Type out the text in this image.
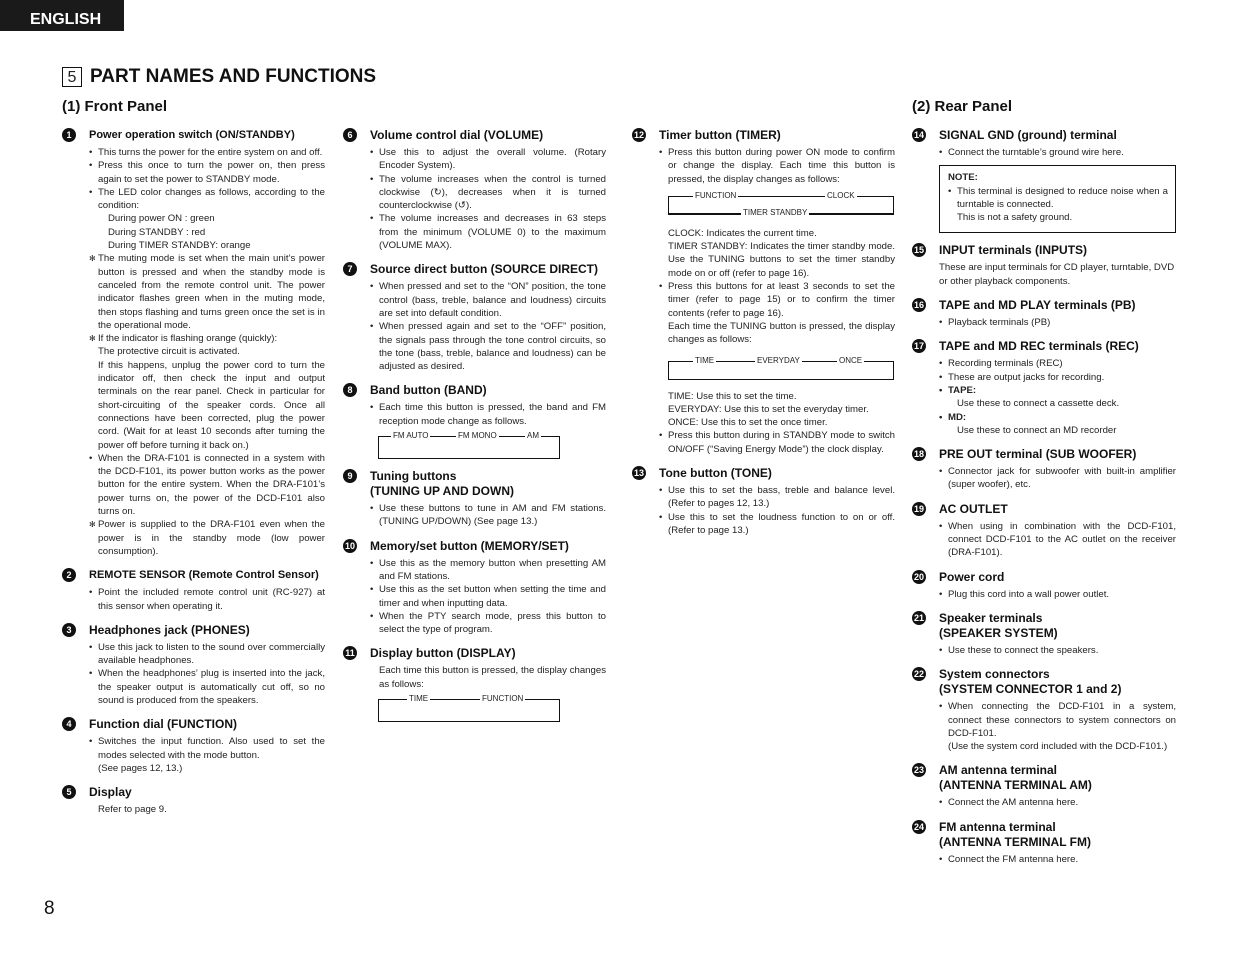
ENGLISH
5 PART NAMES AND FUNCTIONS
(1) Front Panel	(2) Rear Panel
1	Power operation switch (ON/STANDBY)
• This turns the power for the entire system on and off.
• Press this once to turn the power on, then press again to set the power to STANDBY mode.
• The LED color changes as follows, according to the condition:
During power ON : green
During STANDBY : red
During TIMER STANDBY: orange
✻ The muting mode is set when the main unit’s power button is pressed and when the standby mode is canceled from the remote control unit. The power indicator flashes green when in the muting mode, then stops flashing and turns green once the set is in the operational mode.
✻ If the indicator is flashing orange (quickly):
The protective circuit is activated.
If this happens, unplug the power cord to turn the indicator off, then check the input and output terminals on the rear panel. Check in particular for short-circuiting of the speaker cords. Once all connections have been corrected, plug the power cord. (Wait for at least 10 seconds after turning the power off before turning it back on.)
• When the DRA-F101 is connected in a system with the DCD-F101, its power button works as the power button for the entire system. When the DRA-F101’s power turns on, the power of the DCD-F101 also turns on.
✻ Power is supplied to the DRA-F101 even when the power is in the standby mode (low power consumption).
2	REMOTE SENSOR (Remote Control Sensor)
• Point the included remote control unit (RC-927) at this sensor when operating it.
3	Headphones jack (PHONES)
• Use this jack to listen to the sound over commercially available headphones.
• When the headphones’ plug is inserted into the jack, the speaker output is automatically cut off, so no sound is produced from the speakers.
4	Function dial (FUNCTION)
• Switches the input function. Also used to set the modes selected with the mode button.
(See pages 12, 13.)
5	Display
Refer to page 9.
6	Volume control dial (VOLUME)
• Use this to adjust the overall volume. (Rotary Encoder System).
• The volume increases when the control is turned clockwise (↻), decreases when it is turned counterclockwise (↺).
• The volume increases and decreases in 63 steps from the minimum (VOLUME 0) to the maximum (VOLUME MAX).
7	Source direct button (SOURCE DIRECT)
• When pressed and set to the “ON” position, the tone control (bass, treble, balance and loudness) circuits are set into default condition.
• When pressed again and set to the “OFF” position, the signals pass through the tone control circuits, so the tone (bass, treble, balance and loudness) can be adjusted as desired.
8	Band button (BAND)
• Each time this button is pressed, the band and FM reception mode change as follows.
FM AUTO	FM MONO	AM
9	Tuning buttons
(TUNING UP AND DOWN)
• Use these buttons to tune in AM and FM stations. (TUNING UP/DOWN) (See page 13.)
10 Memory/set button (MEMORY/SET)
• Use this as the memory button when presetting AM and FM stations.
• Use this as the set button when setting the time and timer and when inputting data.
• When the PTY search mode, press this button to select the type of program.
11 Display button (DISPLAY)
Each time this button is pressed, the display changes as follows:
TIME	FUNCTION
12 Timer button (TIMER)
• Press this button during power ON mode to confirm or change the display. Each time this button is pressed, the display changes as follows:
FUNCTION	CLOCK
TIMER STANDBY
CLOCK: Indicates the current time.
TIMER STANDBY: Indicates the timer standby mode. Use the TUNING buttons to set the timer standby mode on or off (refer to page 16).
• Press this buttons for at least 3 seconds to set the timer (refer to page 15) or to confirm the timer contents (refer to page 16).
Each time the TUNING button is pressed, the display changes as follows:
TIME	EVERYDAY	ONCE
TIME: Use this to set the time.
EVERYDAY: Use this to set the everyday timer.
ONCE: Use this to set the once timer.
• Press this button during in STANDBY mode to switch ON/OFF (“Saving Energy Mode”) the clock display.
13 Tone button (TONE)
• Use this to set the bass, treble and balance level. (Refer to pages 12, 13.)
• Use this to set the loudness function to on or off. (Refer to page 13.)
14 SIGNAL GND (ground) terminal
• Connect the turntable’s ground wire here.
NOTE:
• This terminal is designed to reduce noise when a turntable is connected.
This is not a safety ground.
15 INPUT terminals (INPUTS)
These are input terminals for CD player, turntable, DVD or other playback components.
16 TAPE and MD PLAY terminals (PB)
• Playback terminals (PB)
17 TAPE and MD REC terminals (REC)
• Recording terminals (REC)
• These are output jacks for recording.
• TAPE:
Use these to connect a cassette deck.
• MD:
Use these to connect an MD recorder
18 PRE OUT terminal (SUB WOOFER)
• Connector jack for subwoofer with built-in amplifier (super woofer), etc.
19 AC OUTLET
• When using in combination with the DCD-F101, connect DCD-F101 to the AC outlet on the receiver (DRA-F101).
20 Power cord
• Plug this cord into a wall power outlet.
21 Speaker terminals
(SPEAKER SYSTEM)
• Use these to connect the speakers.
22 System connectors
(SYSTEM CONNECTOR 1 and 2)
• When connecting the DCD-F101 in a system, connect these connectors to system connectors on DCD-F101.
(Use the system cord included with the DCD-F101.)
23 AM antenna terminal
(ANTENNA TERMINAL AM)
• Connect the AM antenna here.
24 FM antenna terminal
(ANTENNA TERMINAL FM)
• Connect the FM antenna here.
8
